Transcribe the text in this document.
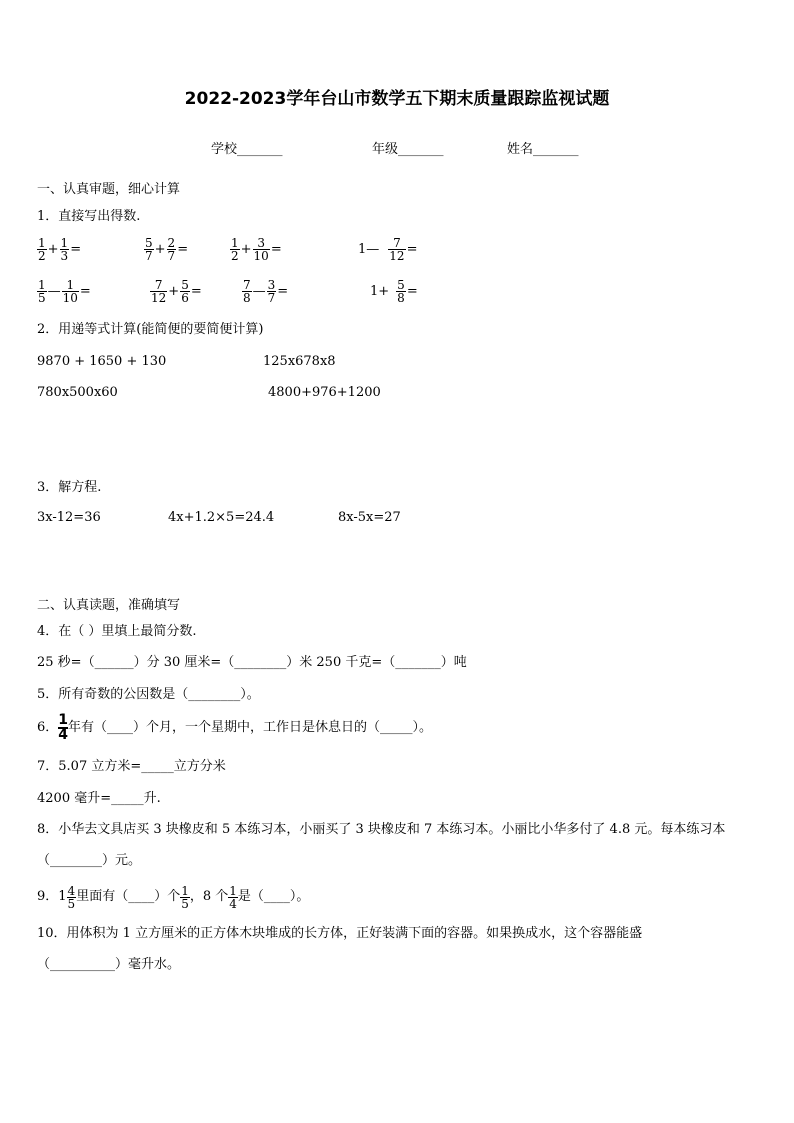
2022-2023学年台山市数学五下期末质量跟踪监视试题
学校_______	年级_______	姓名_______
一、认真审题，细心计算
1．直接写出得数.
$\frac{1}{2} + \frac{1}{3}$ =	$\frac{5}{7} + \frac{2}{7}$ =	$\frac{1}{2} + \frac{3}{10}$ =	1— $\frac{7}{12}$ =
$\frac{1}{5}$ — $\frac{1}{10}$ =	$\frac{7}{12} + \frac{5}{6}$ =	$\frac{7}{8}$ — $\frac{3}{7}$ =	$1+ \frac{5}{8}$ =
2．用递等式计算(能简便的要简便计算)
9870 + 1650 + 130	125x678x8
780x500x60	4800+976+1200
3．解方程.
3x-12=36	4x+1.2×5=24.4	8x-5x=27
二、认真读题，准确填写
4．在（ ）里填上最简分数.
25 秒=（______）分 30 厘米=（________）米 250 千克=（_______）吨
5．所有奇数的公因数是（________）。
6． $\frac{1}{4}$ 年有（____）个月，一个星期中，工作日是休息日的（_____）。
7．5.07 立方米=_____立方分米
4200 毫升=_____升.
8．小华去文具店买 3 块橡皮和 5 本练习本，小丽买了 3 块橡皮和 7 本练习本。小丽比小华多付了 4.8 元。每本练习本
（________）元。
9．$1 \frac{4}{5}$ 里面有（____）个 $\frac{1}{5}$ ，8 个 $\frac{1}{4}$ 是（____）。
10．用体积为 1 立方厘米的正方体木块堆成的长方体，正好装满下面的容器。如果换成水，这个容器能盛
（__________）毫升水。
